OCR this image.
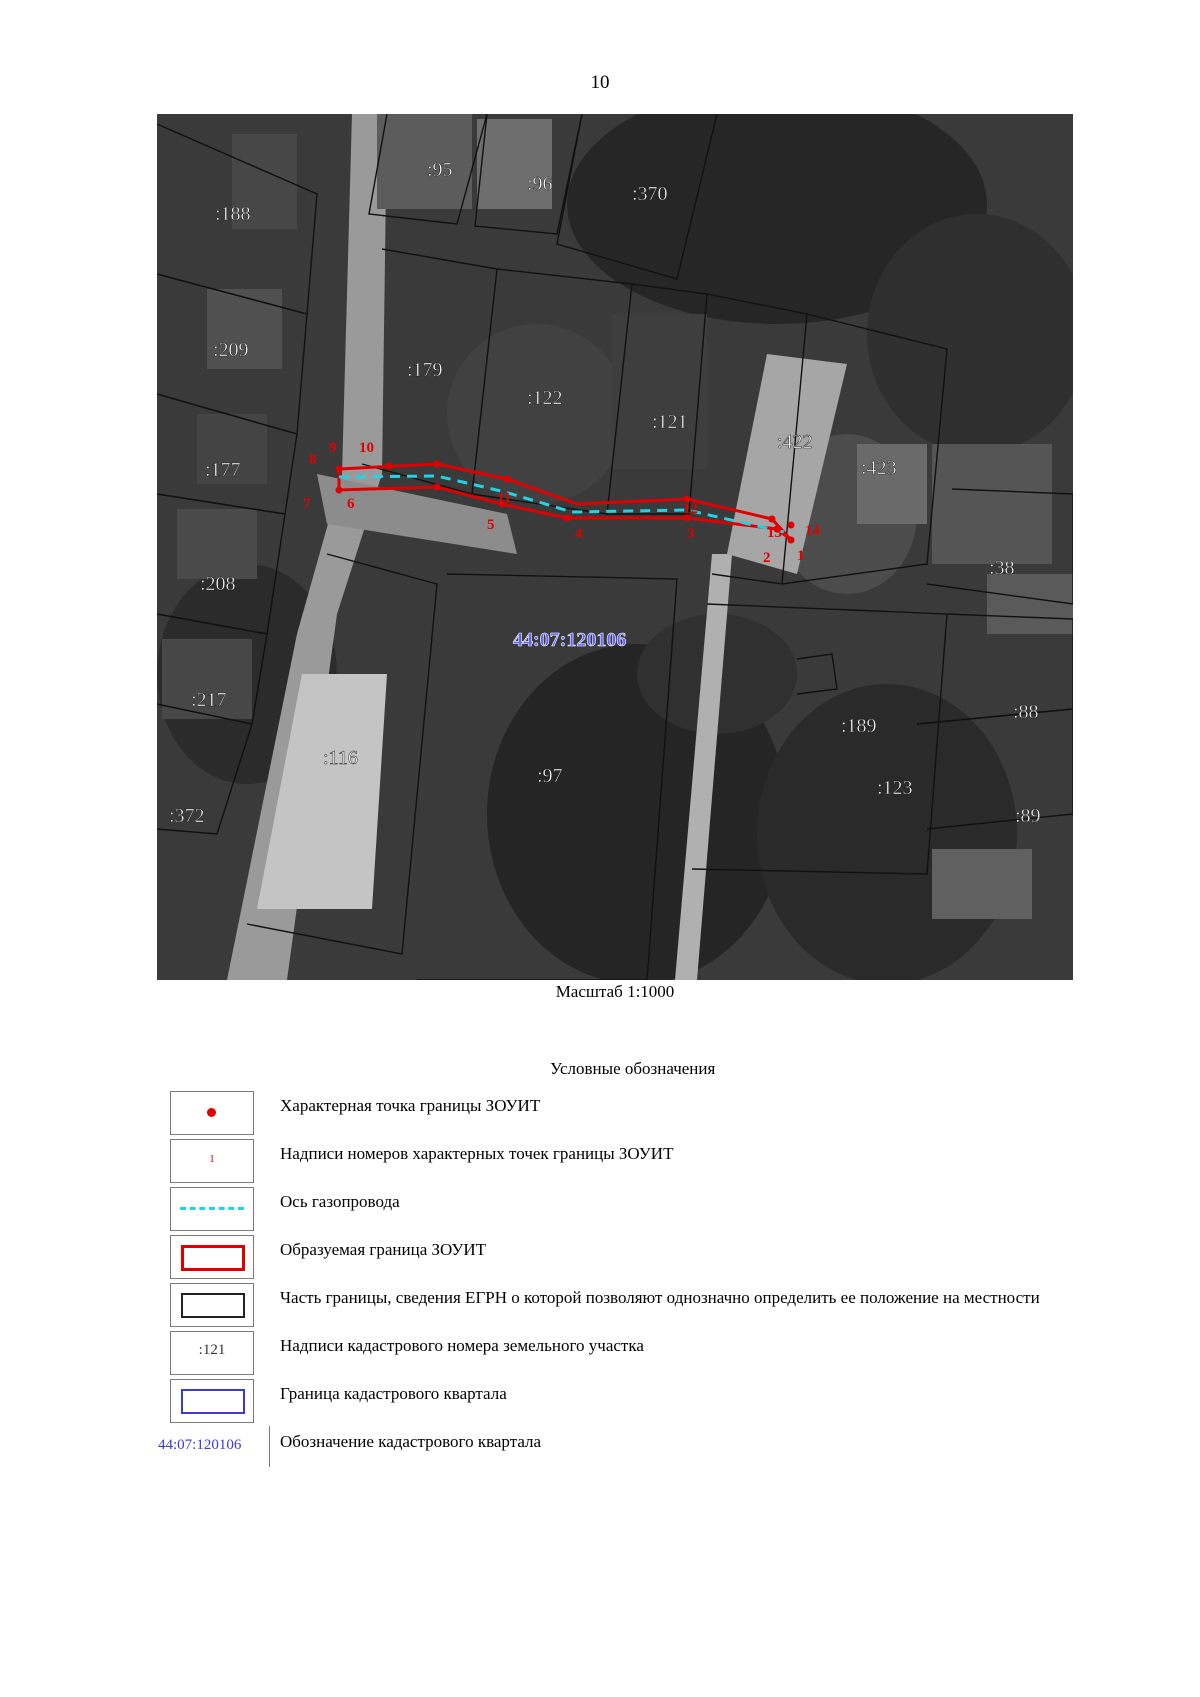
10
1
2
3
4
5
6
7
8
9 10
11
12
13 14
:95
:96	:370
:188
:209
:179
:122
:121
:422
:423
:177
:208
:38
:217
:116
:97
:189
:88
:123
:372	:89
44:07:120106
Масштаб 1:1000
Условные обозначения
Характерная точка границы ЗОУИТ
1	Надписи номеров характерных точек границы ЗОУИТ
Ось газопровода
Образуемая граница ЗОУИТ
Часть границы, сведения ЕГРН о которой позволяют однозначно определить ее положение на местности
:121	Надписи кадастрового номера земельного участка
Граница кадастрового квартала
44:07:120106	Обозначение кадастрового квартала
